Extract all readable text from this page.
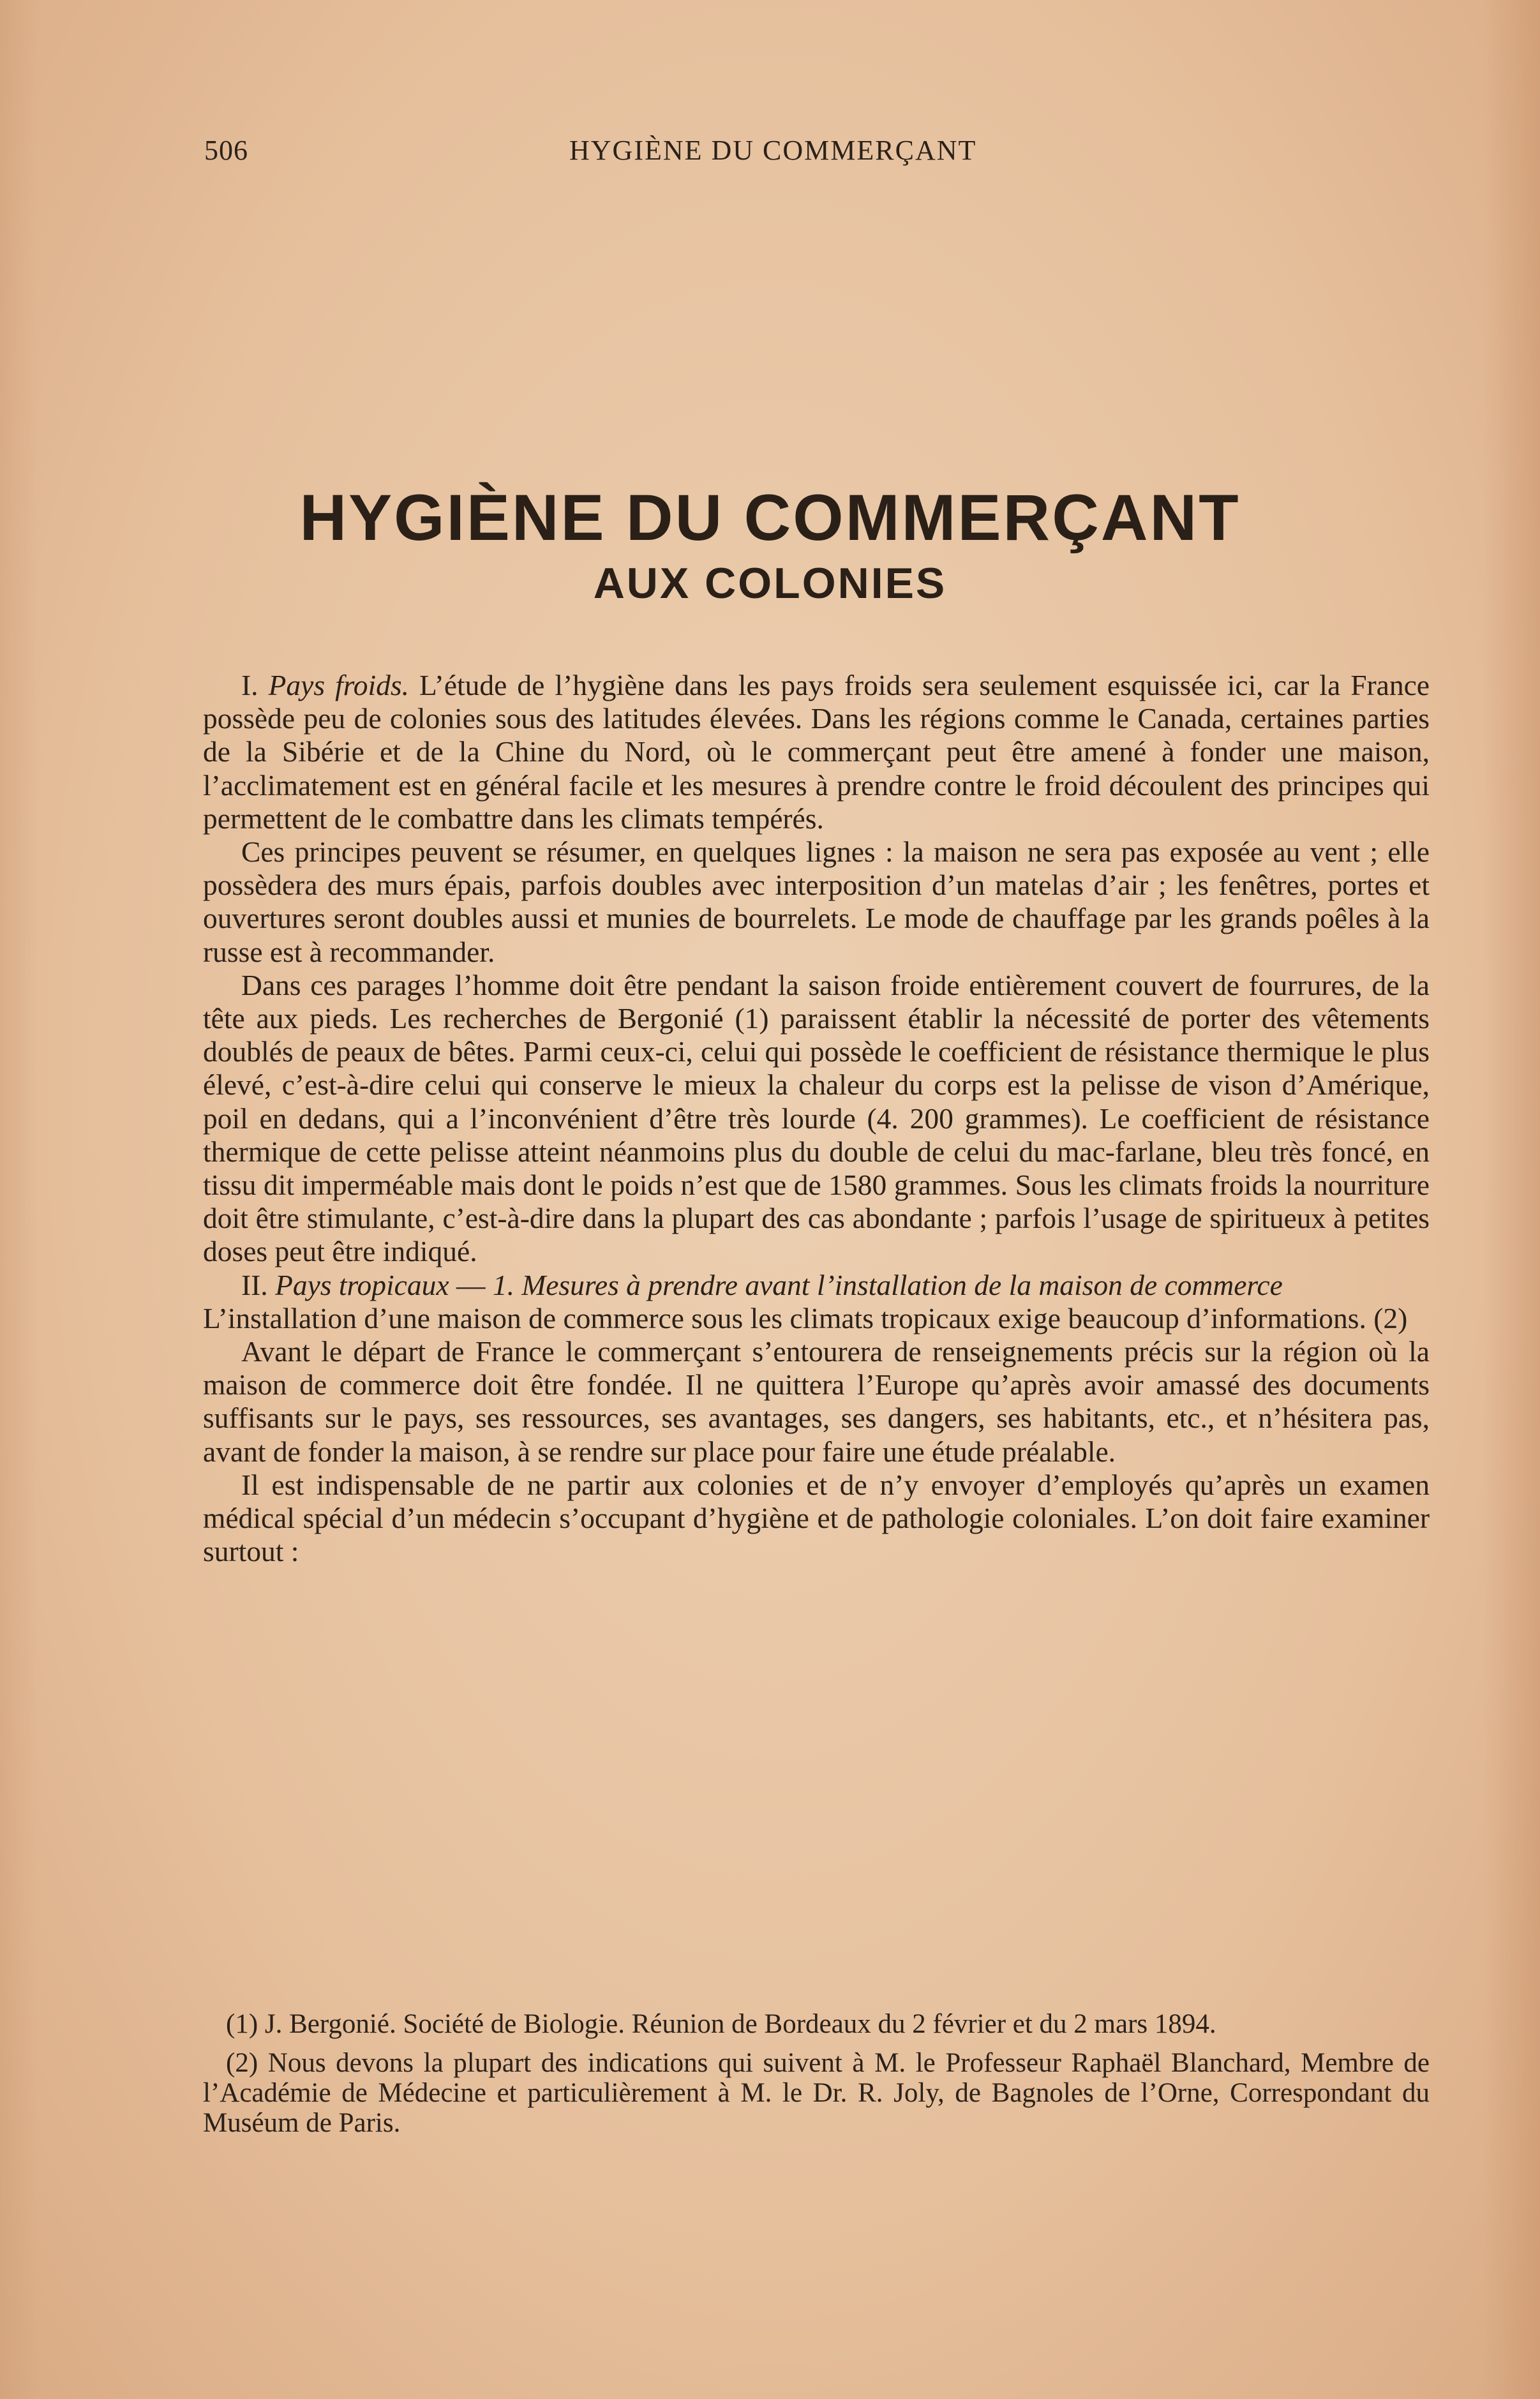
506	HYGIÈNE DU COMMERÇANT
HYGIÈNE DU COMMERÇANT
AUX COLONIES

I. Pays froids. L’étude de l’hygiène dans les pays froids sera seulement esquissée ici, car la France possède peu de colonies sous des latitudes élevées. Dans les régions comme le Canada, certaines parties de la Sibérie et de la Chine du Nord, où le commerçant peut être amené à fonder une maison, l’acclimatement est en général facile et les mesures à prendre contre le froid découlent des principes qui permettent de le combattre dans les climats tempérés.

Ces principes peuvent se résumer, en quelques lignes : la maison ne sera pas exposée au vent ; elle possèdera des murs épais, parfois doubles avec interposition d’un matelas d’air ; les fenêtres, portes et ouvertures seront doubles aussi et munies de bourrelets. Le mode de chauffage par les grands poêles à la russe est à recommander.

Dans ces parages l’homme doit être pendant la saison froide entièrement couvert de fourrures, de la tête aux pieds. Les recherches de Bergonié (1) paraissent établir la nécessité de porter des vêtements doublés de peaux de bêtes. Parmi ceux-ci, celui qui possède le coefficient de résistance thermique le plus élevé, c’est-à-dire celui qui conserve le mieux la chaleur du corps est la pelisse de vison d’Amérique, poil en dedans, qui a l’inconvénient d’être très lourde (4. 200 grammes). Le coefficient de résistance thermique de cette pelisse atteint néanmoins plus du double de celui du mac-farlane, bleu très foncé, en tissu dit imperméable mais dont le poids n’est que de 1580 grammes. Sous les climats froids la nourriture doit être stimulante, c’est-à-dire dans la plupart des cas abondante ; parfois l’usage de spiritueux à petites doses peut être indiqué.

II. Pays tropicaux — 1. Mesures à prendre avant l’installation de la maison de commerce

L’installation d’une maison de commerce sous les climats tropicaux exige beaucoup d’informations. (2)

Avant le départ de France le commerçant s’entourera de renseignements précis sur la région où la maison de commerce doit être fondée. Il ne quittera l’Europe qu’après avoir amassé des documents suffisants sur le pays, ses ressources, ses avantages, ses dangers, ses habitants, etc., et n’hésitera pas, avant de fonder la maison, à se rendre sur place pour faire une étude préalable.

Il est indispensable de ne partir aux colonies et de n’y envoyer d’employés qu’après un examen médical spécial d’un médecin s’occupant d’hygiène et de pathologie coloniales. L’on doit faire examiner surtout :

(1) J. Bergonié. Société de Biologie. Réunion de Bordeaux du 2 février et du 2 mars 1894.

(2) Nous devons la plupart des indications qui suivent à M. le Professeur Raphaël Blanchard, Membre de l’Académie de Médecine et particulièrement à M. le Dr. R. Joly, de Bagnoles de l’Orne, Correspondant du Muséum de Paris.
